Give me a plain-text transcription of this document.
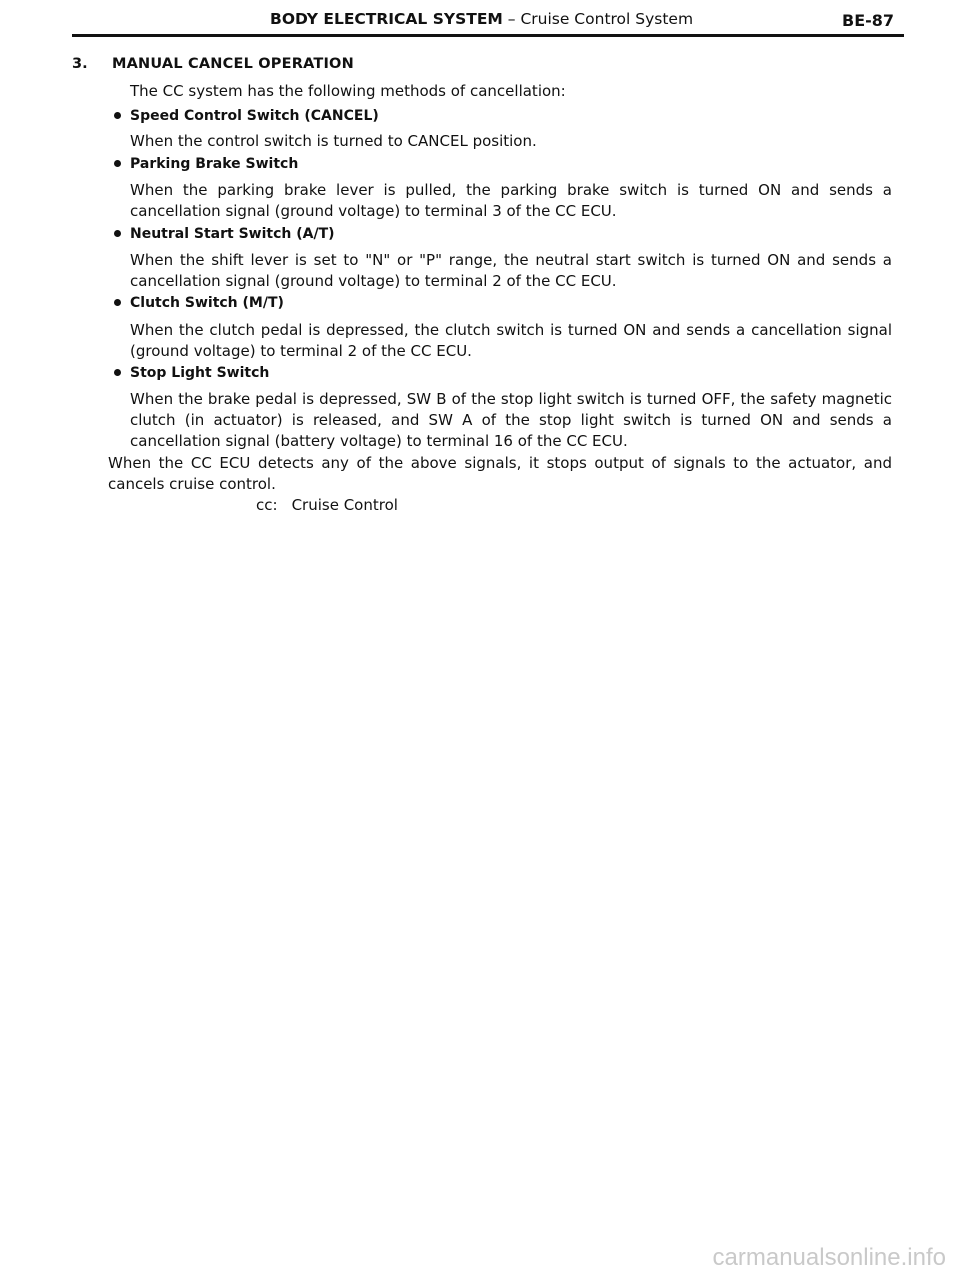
BODY ELECTRICAL SYSTEM – Cruise Control System	BE-87
3. MANUAL CANCEL OPERATION
The CC system has the following methods of cancellation:
Speed Control Switch (CANCEL)
When the control switch is turned to CANCEL position.
Parking Brake Switch
When the parking brake lever is pulled, the parking brake switch is turned ON and sends a cancellation signal (ground voltage) to terminal 3 of the CC ECU.
Neutral Start Switch (A/T)
When the shift lever is set to "N" or "P" range, the neutral start switch is turned ON and sends a cancellation signal (ground voltage) to terminal 2 of the CC ECU.
Clutch Switch (M/T)
When the clutch pedal is depressed, the clutch switch is turned ON and sends a cancellation signal (ground voltage) to terminal 2 of the CC ECU.
Stop Light Switch
When the brake pedal is depressed, SW B of the stop light switch is turned OFF, the safety magnetic clutch (in actuator) is released, and SW A of the stop light switch is turned ON and sends a cancellation signal (battery voltage) to terminal 16 of the CC ECU.
When the CC ECU detects any of the above signals, it stops output of signals to the actuator, and cancels cruise control.
cc: Cruise Control
carmanualsonline.info
